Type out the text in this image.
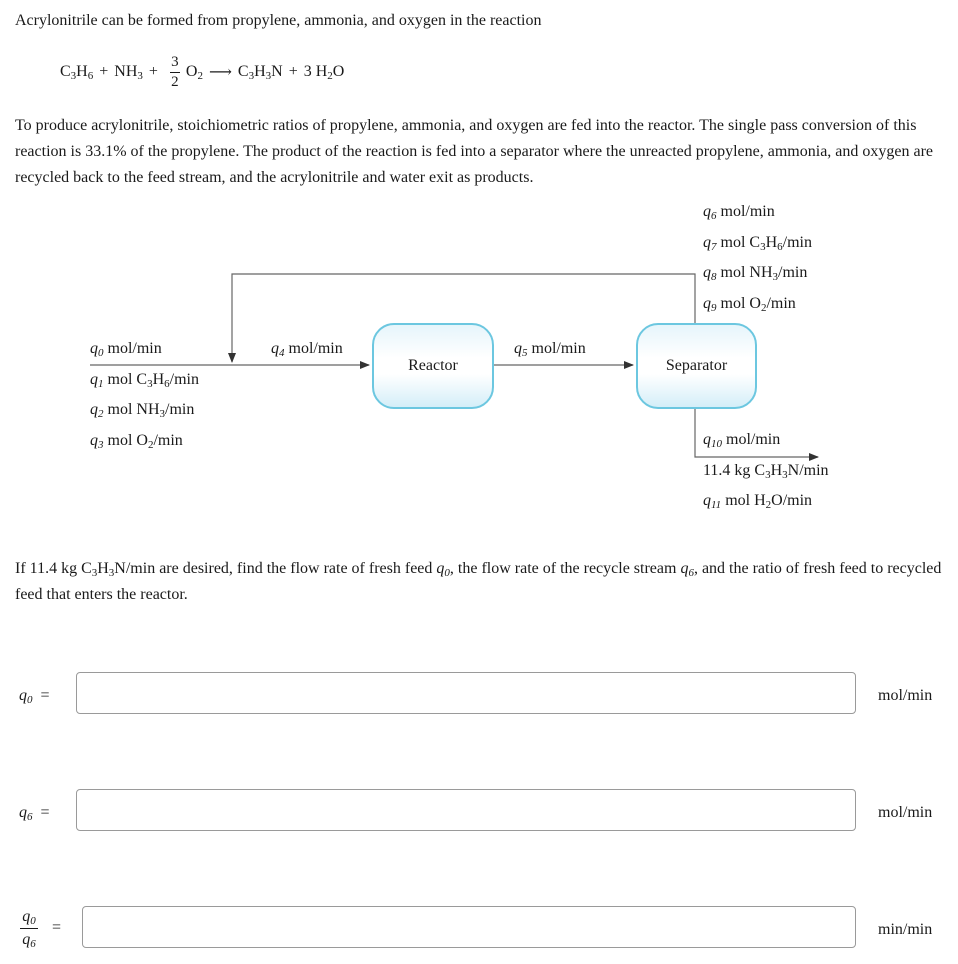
Acrylonitrile can be formed from propylene, ammonia, and oxygen in the reaction
$C_3H_6 + NH_3 + \frac{3}{2} O_2$ ⟶ $C_3H_3N + 3$ $H_2O$
To produce acrylonitrile, stoichiometric ratios of propylene, ammonia, and oxygen are fed into the reactor. The single pass conversion of this reaction is 33.1% of the propylene. The product of the reaction is fed into a separator where the unreacted propylene, ammonia, and oxygen are recycled back to the feed stream, and the acrylonitrile and water exit as products.
Reactor	Separator
$q_0$ mol/min
$q_1$ mol $C_3H_6/\min$
$q_2$ mol $NH_3/\min$
$q_3$ mol $O_2/\min$
$q_4$ mol/min	$q_5$ mol/min
$q_6$ mol/min
$q_7$ mol $C_3H_6/\min$
$q_8$ mol $NH_3/\min$
$q_9$ mol $O_2/\min$
$q_{10}$ mol/min
11.4 kg $C_3H_3N/\min$
$q_{11}$ mol $H_2O/\min$
If 11.4 kg $C_3H_3N/\min$ are desired, find the flow rate of fresh feed $q_0$, the flow rate of the recycle stream $q_6$, and the ratio of fresh feed to recycled feed that enters the reactor.
$q_0$ =	mol/min
$q_6$ =	mol/min
$q_0$
$q_6$
=	min/min
